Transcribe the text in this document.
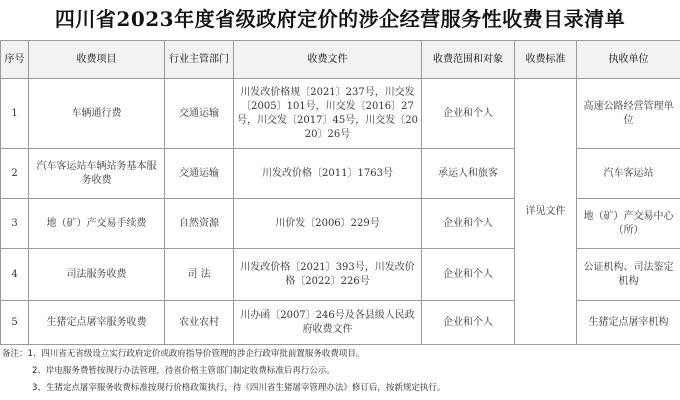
四川省2023年度省级政府定价的涉企经营服务性收费目录清单
序号	收费项目	行业主管部门	收费文件	收费范围和对象	收费标准	执收单位
1	车辆通行费	交通运输	川发改价格规〔2021〕237号，川交发〔2005〕101号，川交发〔2016〕27号，川交发〔2017〕45号，川交发〔2020〕26号	企业和个人	详见文件	高速公路经营管理单位
2	汽车客运站车辆站务基本服务收费	交通运输	川发改价格〔2011〕1763号	承运人和旅客		汽车客运站
3	地（矿）产交易手续费	自然资源	川价发〔2006〕229号	企业和个人		地（矿）产交易中心（所）
4	司法服务收费	司 法	川发改价格〔2021〕393号，川发改价格〔2022〕226号	企业和个人		公证机构、司法鉴定机构
5	生猪定点屠宰服务收费	农业农村	川办函〔2007〕246号及各县级人民政府收费文件	企业和个人		生猪定点屠宰机构
备注：1、四川省无省级设立实行政府定价或政府指导价管理的涉企行政审批前置服务收费项目。
2、岸电服务费暂按现行办法管理，待省价格主管部门制定收费标准后再行公示。
3、生猪定点屠宰服务收费标准按现行价格政策执行，待《四川省生猪屠宰管理办法》修订后，按新规定执行。
